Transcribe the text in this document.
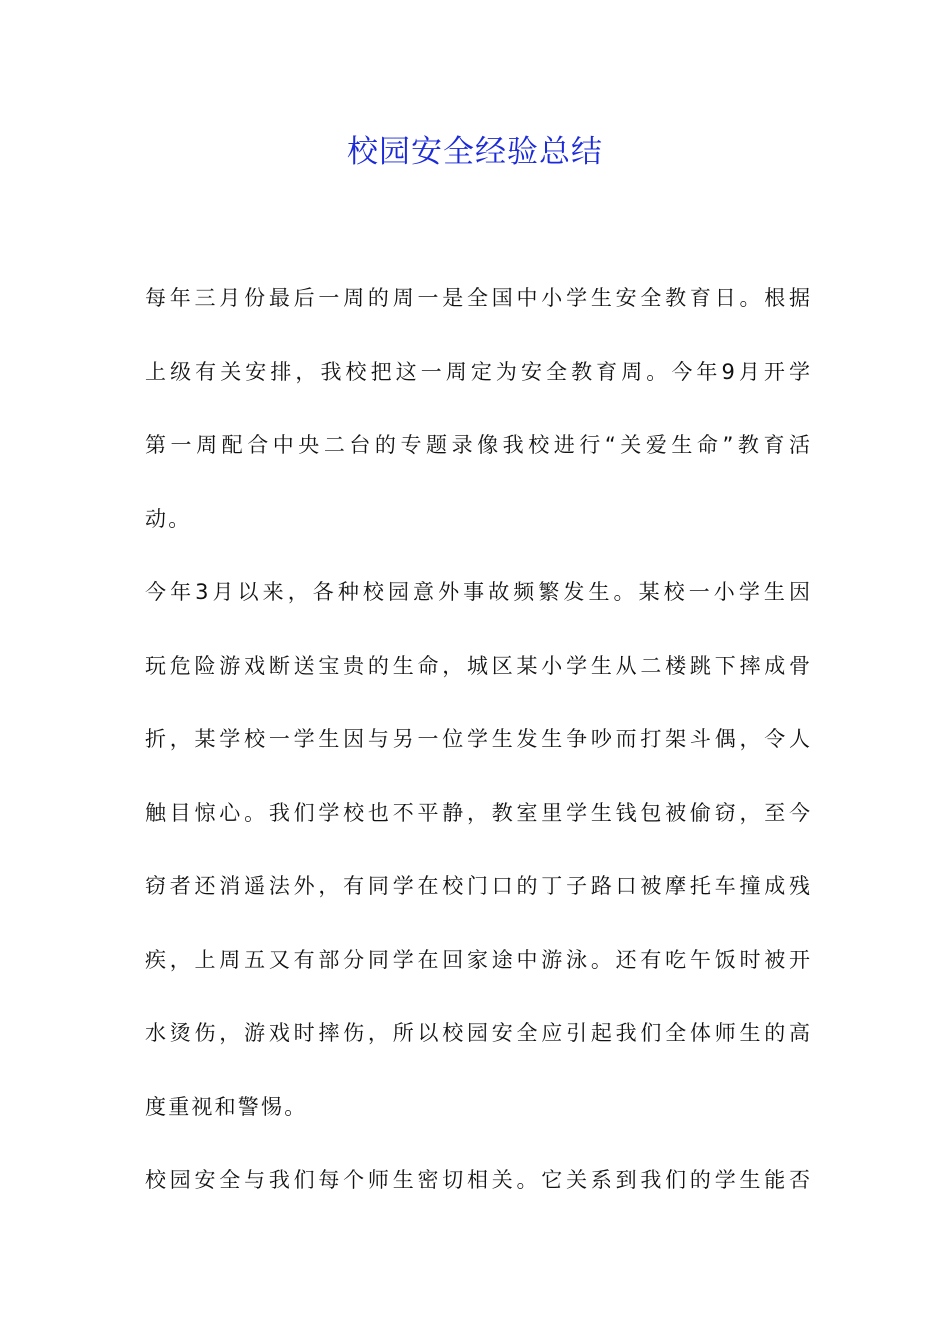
校园安全经验总结
每年三月份最后一周的周一是全国中小学生安全教育日。根据
上级有关安排，我校把这一周定为安全教育周。今年9月开学
第一周配合中央二台的专题录像我校进行“关爱生命”教育活
动。
今年3月以来，各种校园意外事故频繁发生。某校一小学生因
玩危险游戏断送宝贵的生命，城区某小学生从二楼跳下摔成骨
折，某学校一学生因与另一位学生发生争吵而打架斗偶，令人
触目惊心。我们学校也不平静，教室里学生钱包被偷窃，至今
窃者还消遥法外，有同学在校门口的丁子路口被摩托车撞成残
疾，上周五又有部分同学在回家途中游泳。还有吃午饭时被开
水烫伤，游戏时摔伤，所以校园安全应引起我们全体师生的高
度重视和警惕。
校园安全与我们每个师生密切相关。它关系到我们的学生能否
